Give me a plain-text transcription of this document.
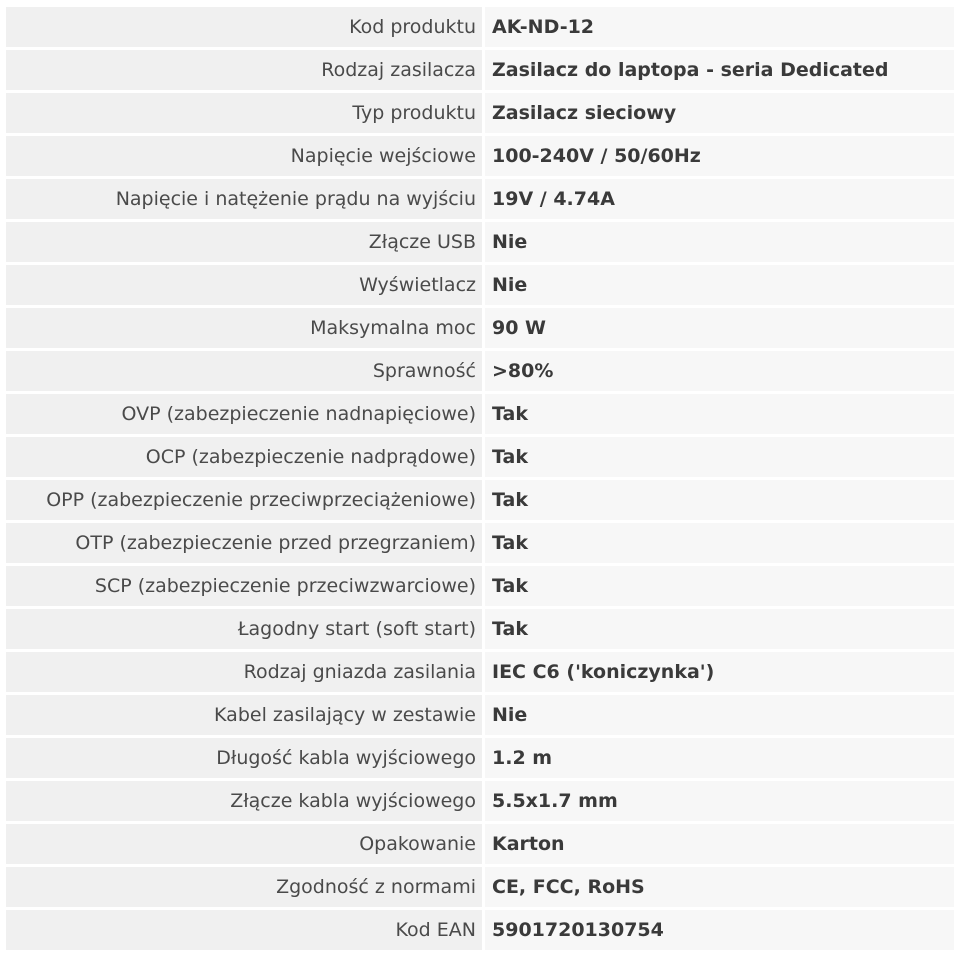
Kod produktu AK-ND-12
Rodzaj zasilacza Zasilacz do laptopa - seria Dedicated
Typ produktu Zasilacz sieciowy
Napięcie wejściowe 100-240V / 50/60Hz
Napięcie i natężenie prądu na wyjściu 19V / 4.74A
Złącze USB Nie
Wyświetlacz Nie
Maksymalna moc 90 W
Sprawność >80%
OVP (zabezpieczenie nadnapięciowe) Tak
OCP (zabezpieczenie nadprądowe) Tak
OPP (zabezpieczenie przeciwprzeciążeniowe) Tak
OTP (zabezpieczenie przed przegrzaniem) Tak
SCP (zabezpieczenie przeciwzwarciowe) Tak
Łagodny start (soft start) Tak
Rodzaj gniazda zasilania IEC C6 ('koniczynka')
Kabel zasilający w zestawie Nie
Długość kabla wyjściowego 1.2 m
Złącze kabla wyjściowego 5.5x1.7 mm
Opakowanie Karton
Zgodność z normami CE, FCC, RoHS
Kod EAN 5901720130754
